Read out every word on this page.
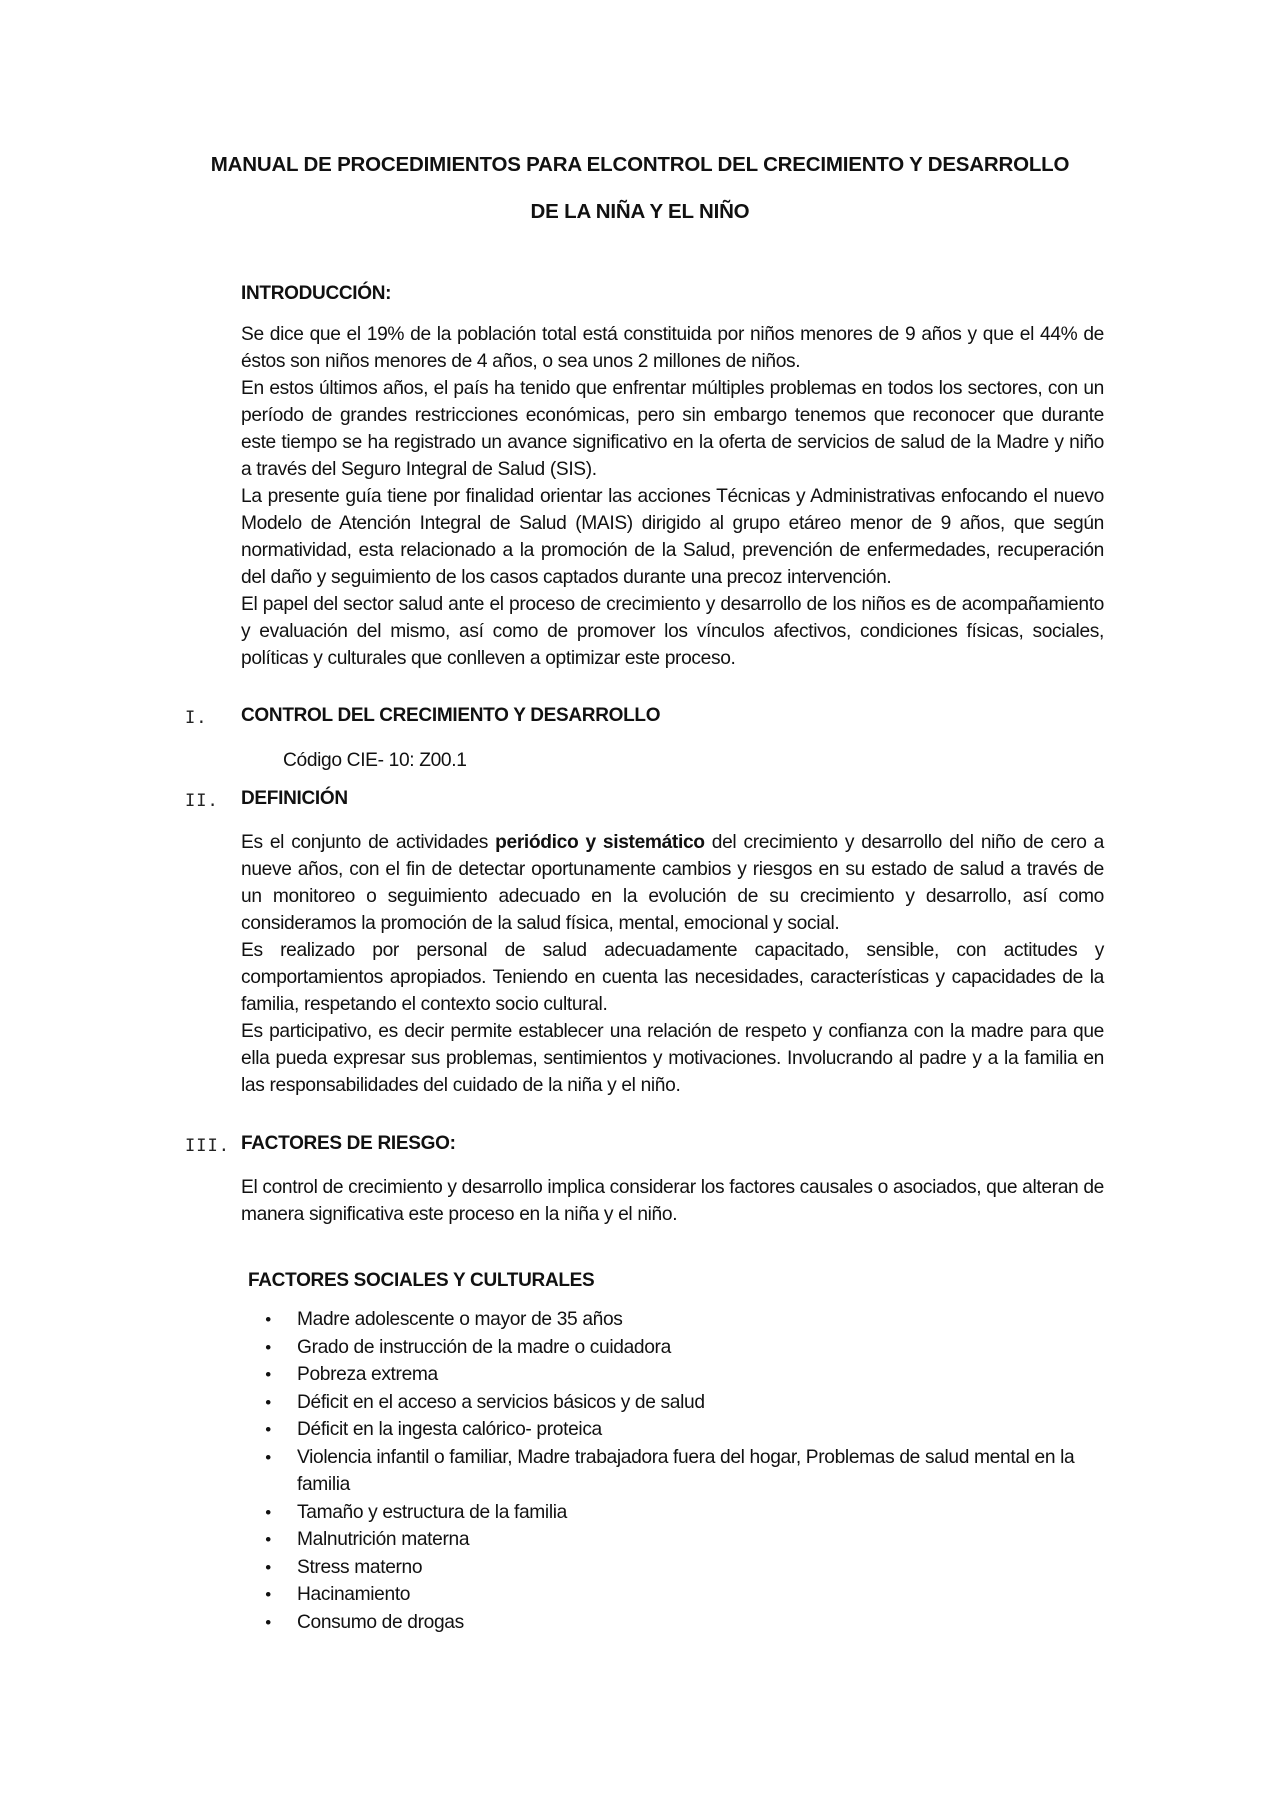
MANUAL DE PROCEDIMIENTOS PARA ELCONTROL DEL CRECIMIENTO Y DESARROLLO
DE LA NIÑA Y EL NIÑO
INTRODUCCIÓN:

Se dice que el 19% de la población total está constituida por niños menores de 9 años y que el 44% de éstos son niños menores de 4 años, o sea unos 2 millones de niños.

En estos últimos años, el país ha tenido que enfrentar múltiples problemas en todos los sectores, con un período de grandes restricciones económicas, pero sin embargo tenemos que reconocer que durante este tiempo se ha registrado un avance significativo en la oferta de servicios de salud de la Madre y niño a través del Seguro Integral de Salud (SIS).

La presente guía tiene por finalidad orientar las acciones Técnicas y Administrativas enfocando el nuevo Modelo de Atención Integral de Salud (MAIS) dirigido al grupo etáreo menor de 9 años, que según normatividad, esta relacionado a la promoción de la Salud, prevención de enfermedades, recuperación del daño y seguimiento de los casos captados durante una precoz intervención.

El papel del sector salud ante el proceso de crecimiento y desarrollo de los niños es de acompañamiento y evaluación del mismo, así como de promover los vínculos afectivos, condiciones físicas, sociales, políticas y culturales que conlleven a optimizar este proceso.

I. CONTROL DEL CRECIMIENTO Y DESARROLLO
Código CIE- 10: Z00.1
II. DEFINICIÓN

Es el conjunto de actividades periódico y sistemático del crecimiento y desarrollo del niño de cero a nueve años, con el fin de detectar oportunamente cambios y riesgos en su estado de salud a través de un monitoreo o seguimiento adecuado en la evolución de su crecimiento y desarrollo, así como consideramos la promoción de la salud física, mental, emocional y social.

Es realizado por personal de salud adecuadamente capacitado, sensible, con actitudes y comportamientos apropiados. Teniendo en cuenta las necesidades, características y capacidades de la familia, respetando el contexto socio cultural.

Es participativo, es decir permite establecer una relación de respeto y confianza con la madre para que ella pueda expresar sus problemas, sentimientos y motivaciones. Involucrando al padre y a la familia en las responsabilidades del cuidado de la niña y el niño.

III. FACTORES DE RIESGO:

El control de crecimiento y desarrollo implica considerar los factores causales o asociados, que alteran de manera significativa este proceso en la niña y el niño.

FACTORES SOCIALES Y CULTURALES
•	Madre adolescente o mayor de 35 años
•	Grado de instrucción de la madre o cuidadora
•	Pobreza extrema
•	Déficit en el acceso a servicios básicos y de salud
•	Déficit en la ingesta calórico- proteica
•	Violencia infantil o familiar, Madre trabajadora fuera del hogar, Problemas de salud mental en la familia
•	Tamaño y estructura de la familia
•	Malnutrición materna
•	Stress materno
•	Hacinamiento
•	Consumo de drogas
